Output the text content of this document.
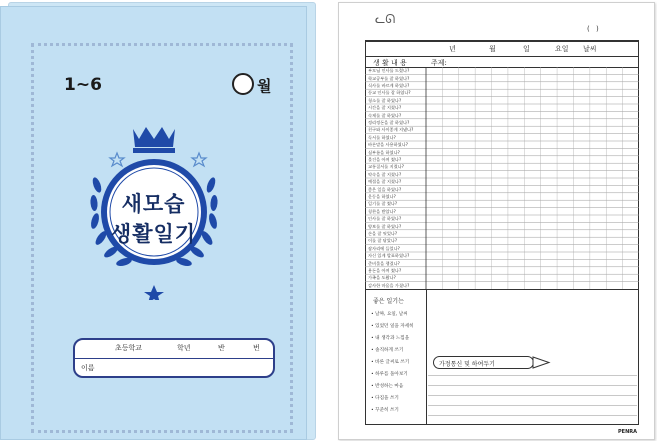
1~6	월
새모습
생활일기
초등학교	학년	반	번
이름
ᓚᘏ
( )
년	월	일	요일 날씨
생 활 내 용	주제:
부모님 인사를 드렸나?
학교공부를 잘 하였나?
식사를 바르게 하였나?
등교 인사를 잘 하였나?
청소를 잘 하였나?
시간을 잘 지켰나?
숙제를 잘 하였나?
정리정돈을 잘 하였나?
친구와 사이좋게 지냈나?
독서를 하였나?
바른말을 사용하였나?
심부름을 하였나?
물건을 아껴 썼나?
교통질서를 지켰나?
약속을 잘 지켰나?
예절을 잘 지켰나?
좋은 일을 하였나?
운동을 하였나?
일기를 잘 썼나?
칭찬을 받았나?
인사를 잘 하였나?
양보를 잘 하였나?
손을 잘 씻었나?
이를 잘 닦았나?
잠자리에 들었나?
자신 있게 발표하였나?
준비물을 챙겼나?
용돈을 아껴 썼나?
가족을 도왔나?
감사한 마음을 가졌나?
좋은 일기는
• 날짜, 요일, 날씨
• 있었던 일을 자세히
• 내 생각과 느낌을
• 솔직하게 쓰기
• 바른 글씨로 쓰기
• 하루를 돌아보기
• 반성하는 마음
• 다짐을 쓰기
• 꾸준히 쓰기
가정통신 및 하여두기
PENRA
